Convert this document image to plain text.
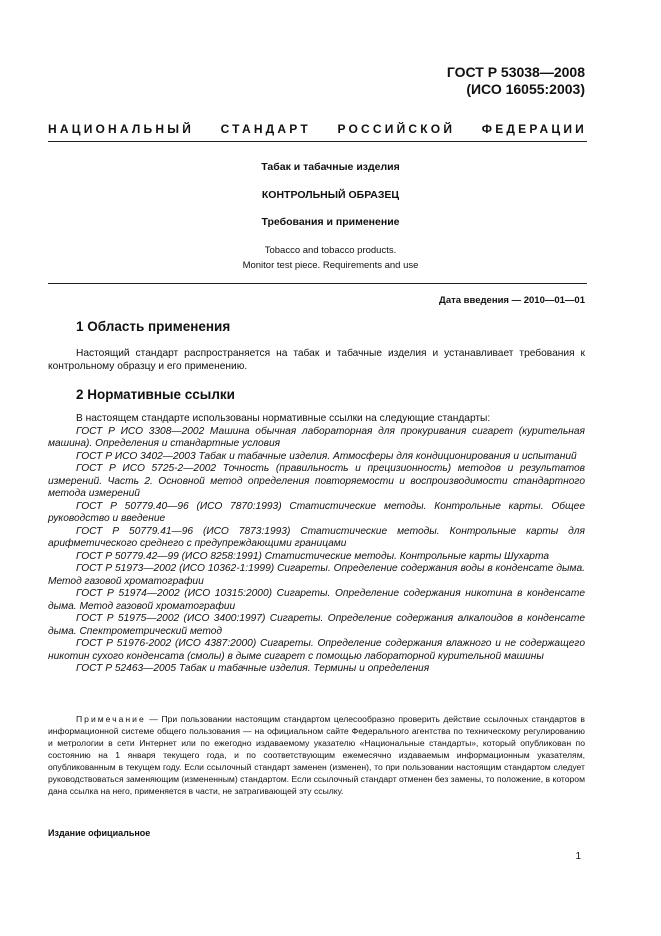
ГОСТ Р 53038—2008
(ИСО 16055:2003)
НАЦИОНАЛЬНЫЙ СТАНДАРТ РОССИЙСКОЙ ФЕДЕРАЦИИ
Табак и табачные изделия
КОНТРОЛЬНЫЙ ОБРАЗЕЦ
Требования и применение
Tobacco and tobacco products.
Monitor test piece. Requirements and use
Дата введения — 2010—01—01
1 Область применения
Настоящий стандарт распространяется на табак и табачные изделия и устанавливает требования к контрольному образцу и его применению.
2 Нормативные ссылки
В настоящем стандарте использованы нормативные ссылки на следующие стандарты:
ГОСТ Р ИСО 3308—2002 Машина обычная лабораторная для прокуривания сигарет (курительная машина). Определения и стандартные условия
ГОСТ Р ИСО 3402—2003 Табак и табачные изделия. Атмосферы для кондиционирования и испытаний
ГОСТ Р ИСО 5725-2—2002 Точность (правильность и прецизионность) методов и результатов измерений. Часть 2. Основной метод определения повторяемости и воспроизводимости стандартного метода измерений
ГОСТ Р 50779.40—96 (ИСО 7870:1993) Статистические методы. Контрольные карты. Общее руководство и введение
ГОСТ Р 50779.41—96 (ИСО 7873:1993) Статистические методы. Контрольные карты для арифметического среднего с предупреждающими границами
ГОСТ Р 50779.42—99 (ИСО 8258:1991) Статистические методы. Контрольные карты Шухарта
ГОСТ Р 51973—2002 (ИСО 10362-1:1999) Сигареты. Определение содержания воды в конденсате дыма. Метод газовой хроматографии
ГОСТ Р 51974—2002 (ИСО 10315:2000) Сигареты. Определение содержания никотина в конденсате дыма. Метод газовой хроматографии
ГОСТ Р 51975—2002 (ИСО 3400:1997) Сигареты. Определение содержания алкалоидов в конденсате дыма. Спектрометрический метод
ГОСТ Р 51976-2002 (ИСО 4387:2000) Сигареты. Определение содержания влажного и не содержащего никотин сухого конденсата (смолы) в дыме сигарет с помощью лабораторной курительной машины
ГОСТ Р 52463—2005 Табак и табачные изделия. Термины и определения
Примечание — При пользовании настоящим стандартом целесообразно проверить действие ссылочных стандартов в информационной системе общего пользования — на официальном сайте Федерального агентства по техническому регулированию и метрологии в сети Интернет или по ежегодно издаваемому указателю «Национальные стандарты», который опубликован по состоянию на 1 января текущего года, и по соответствующим ежемесячно издаваемым информационным указателям, опубликованным в текущем году. Если ссылочный стандарт заменен (изменен), то при пользовании настоящим стандартом следует руководствоваться заменяющим (измененным) стандартом. Если ссылочный стандарт отменен без замены, то положение, в котором дана ссылка на него, применяется в части, не затрагивающей эту ссылку.
Издание официальное
1
